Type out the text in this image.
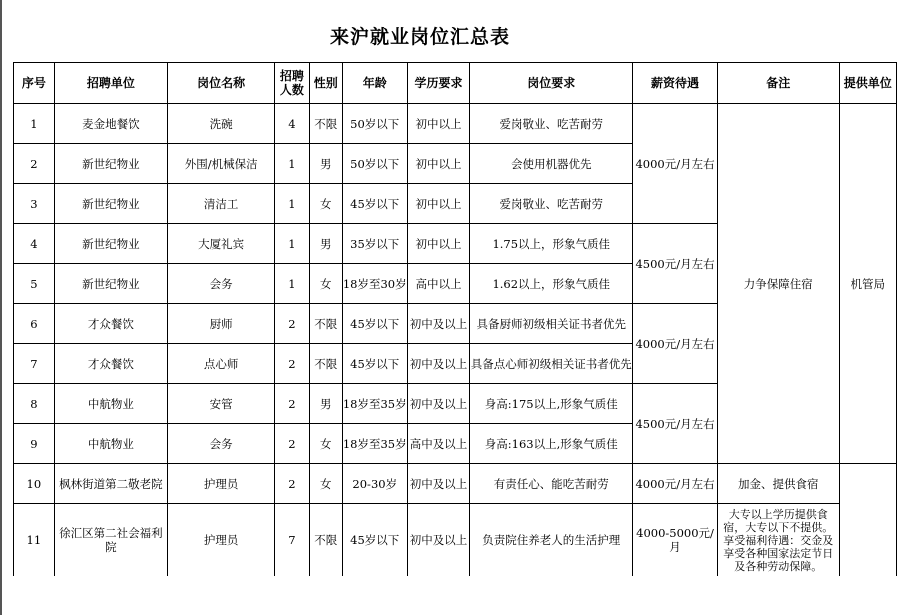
来沪就业岗位汇总表
序号	招聘单位	岗位名称	招聘人数	性别	年龄	学历要求	岗位要求	薪资待遇	备注	提供单位
1	麦金地餐饮	洗碗	4	不限	50岁以下	初中以上	爱岗敬业、吃苦耐劳	4000元/月左右	力争保障住宿	机管局
2	新世纪物业	外围/机械保洁	1	男	50岁以下	初中以上	会使用机器优先			
3	新世纪物业	清洁工	1	女	45岁以下	初中以上	爱岗敬业、吃苦耐劳			
4	新世纪物业	大厦礼宾	1	男	35岁以下	初中以上	1.75以上，形象气质佳	4500元/月左右		
5	新世纪物业	会务	1	女	18岁至30岁	高中以上	1.62以上，形象气质佳			
6	才众餐饮	厨师	2	不限	45岁以下	初中及以上	具备厨师初级相关证书者优先	4000元/月左右		
7	才众餐饮	点心师	2	不限	45岁以下	初中及以上	具备点心师初级相关证书者优先			
8	中航物业	安管	2	男	18岁至35岁	初中及以上	身高:175以上,形象气质佳	4500元/月左右		
9	中航物业	会务	2	女	18岁至35岁	高中及以上	身高:163以上,形象气质佳			
10	枫林街道第二敬老院	护理员	2	女	20-30岁	初中及以上	有责任心、能吃苦耐劳	4000元/月左右	加金、提供食宿	
11	徐汇区第二社会福利院	护理员	7	不限	45岁以下	初中及以上	负责院住养老人的生活护理	4000-5000元/月	大专以上学历提供食宿，大专以下不提供。享受福利待遇：交金及享受各种国家法定节日及各种劳动保障。	
